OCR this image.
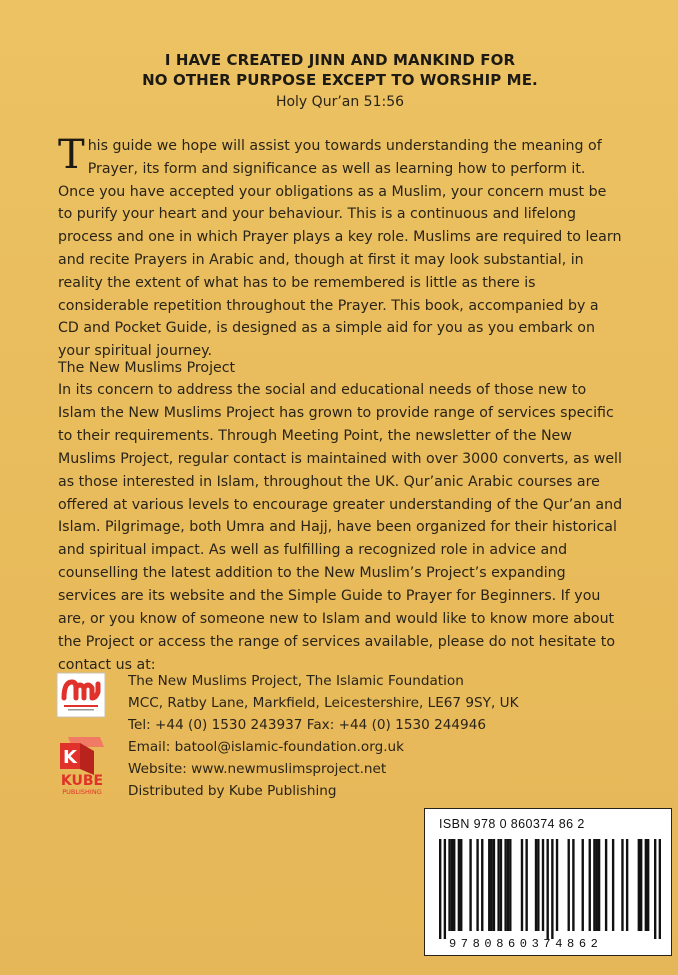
I HAVE CREATED JINN AND MANKIND FOR
NO OTHER PURPOSE EXCEPT TO WORSHIP ME.
Holy Qur’an 51:56
This guide we hope will assist you towards understanding the meaning of Prayer, its form and significance as well as learning how to perform it. Once you have accepted your obligations as a Muslim, your concern must be to purify your heart and your behaviour. This is a continuous and lifelong process and one in which Prayer plays a key role. Muslims are required to learn and recite Prayers in Arabic and, though at first it may look substantial, in reality the extent of what has to be remembered is little as there is considerable repetition throughout the Prayer. This book, accompanied by a CD and Pocket Guide, is designed as a simple aid for you as you embark on your spiritual journey.
The New Muslims Project
In its concern to address the social and educational needs of those new to Islam the New Muslims Project has grown to provide range of services specific to their requirements. Through Meeting Point, the newsletter of the New Muslims Project, regular contact is maintained with over 3000 converts, as well as those interested in Islam, throughout the UK. Qur’anic Arabic courses are offered at various levels to encourage greater understanding of the Qur’an and Islam. Pilgrimage, both Umra and Hajj, have been organized for their historical and spiritual impact. As well as fulfilling a recognized role in advice and counselling the latest addition to the New Muslim’s Project’s expanding services are its website and the Simple Guide to Prayer for Beginners. If you are, or you know of someone new to Islam and would like to know more about the Project or access the range of services available, please do not hesitate to contact us at:
K
KUBE
PUBLISHING
The New Muslims Project, The Islamic Foundation
MCC, Ratby Lane, Markfield, Leicestershire, LE67 9SY, UK
Tel: +44 (0) 1530 243937 Fax: +44 (0) 1530 244946
Email: batool@islamic-foundation.org.uk
Website: www.newmuslimsproject.net
Distributed by Kube Publishing
ISBN 978 0 860374 86 2
9780860374862
